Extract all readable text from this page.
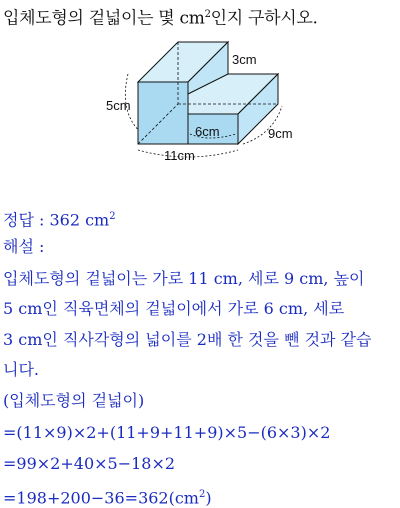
입체도형의 겉넓이는 몇 $cm^2$인지 구하시오.
3cm
5cm
6cm	9cm
11cm
정답 : 362 $cm^2$
해설 :
입체도형의 겉넓이는 가로 11 cm, 세로 9 cm, 높이
5 cm인 직육면체의 겉넓이에서 가로 6 cm, 세로
3 cm인 직사각형의 넓이를 2배 한 것을 뺀 것과 같습
니다.
(입체도형의 겉넓이)
=(11×9)×2+(11+9+11+9)×5−(6×3)×2
=99×2+40×5−18×2
$=198+200-36=362(cm^2)$
